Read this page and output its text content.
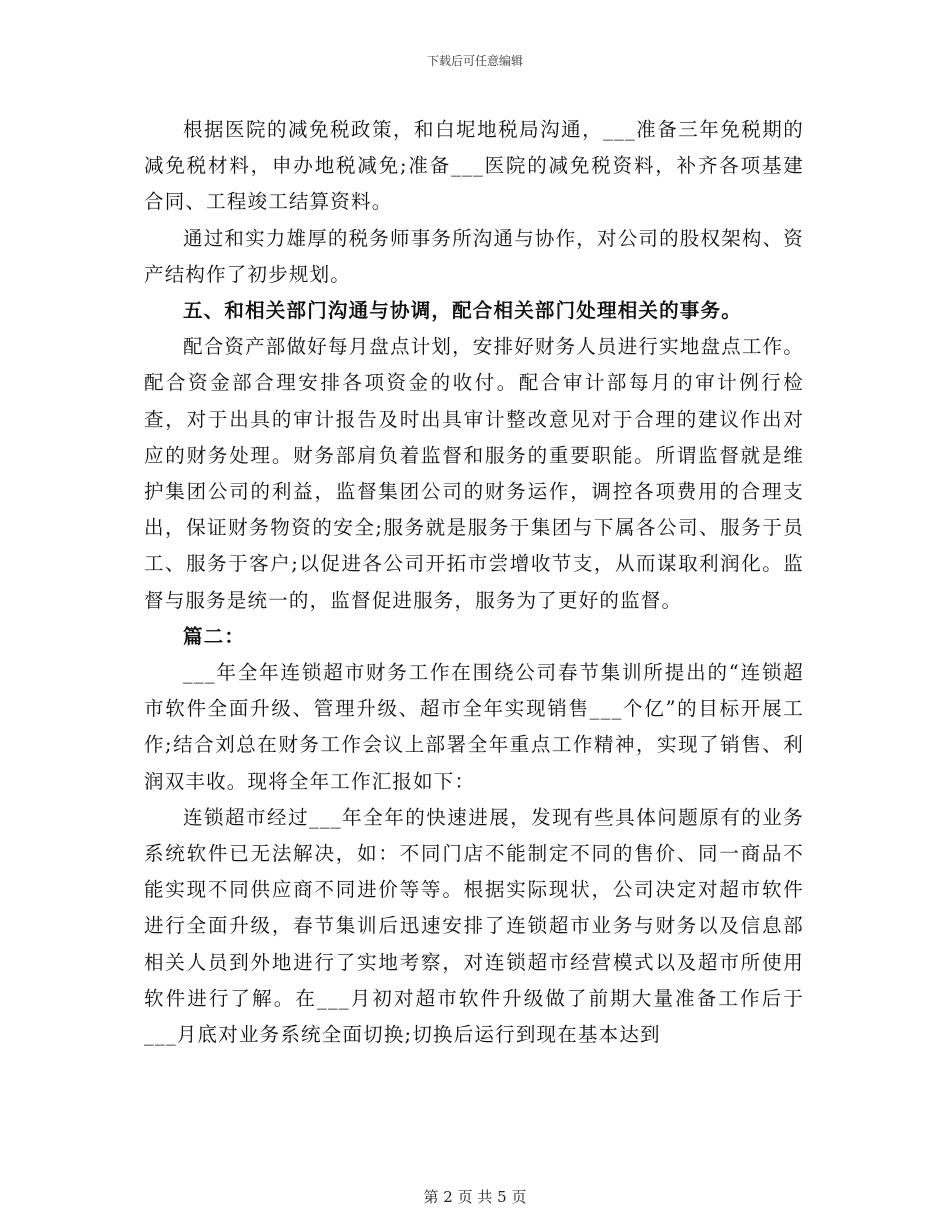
下载后可任意编辑

根据医院的减免税政策，和白坭地税局沟通，___准备三年免税期的减免税材料，申办地税减免;准备___医院的减免税资料，补齐各项基建合同、工程竣工结算资料。

通过和实力雄厚的税务师事务所沟通与协作，对公司的股权架构、资产结构作了初步规划。

五、和相关部门沟通与协调，配合相关部门处理相关的事务。

配合资产部做好每月盘点计划，安排好财务人员进行实地盘点工作。配合资金部合理安排各项资金的收付。配合审计部每月的审计例行检查，对于出具的审计报告及时出具审计整改意见对于合理的建议作出对应的财务处理。财务部肩负着监督和服务的重要职能。所谓监督就是维护集团公司的利益，监督集团公司的财务运作，调控各项费用的合理支出，保证财务物资的安全;服务就是服务于集团与下属各公司、服务于员工、服务于客户;以促进各公司开拓市尝增收节支，从而谋取利润化。监督与服务是统一的，监督促进服务，服务为了更好的监督。

篇二：

___年全年连锁超市财务工作在围绕公司春节集训所提出的“连锁超市软件全面升级、管理升级、超市全年实现销售___个亿”的目标开展工作;结合刘总在财务工作会议上部署全年重点工作精神，实现了销售、利润双丰收。现将全年工作汇报如下：

连锁超市经过___年全年的快速进展，发现有些具体问题原有的业务系统软件已无法解决，如：不同门店不能制定不同的售价、同一商品不能实现不同供应商不同进价等等。根据实际现状，公司决定对超市软件进行全面升级，春节集训后迅速安排了连锁超市业务与财务以及信息部相关人员到外地进行了实地考察，对连锁超市经营模式以及超市所使用软件进行了解。在___月初对超市软件升级做了前期大量准备工作后于___月底对业务系统全面切换;切换后运行到现在基本达到

第 2 页 共 5 页
